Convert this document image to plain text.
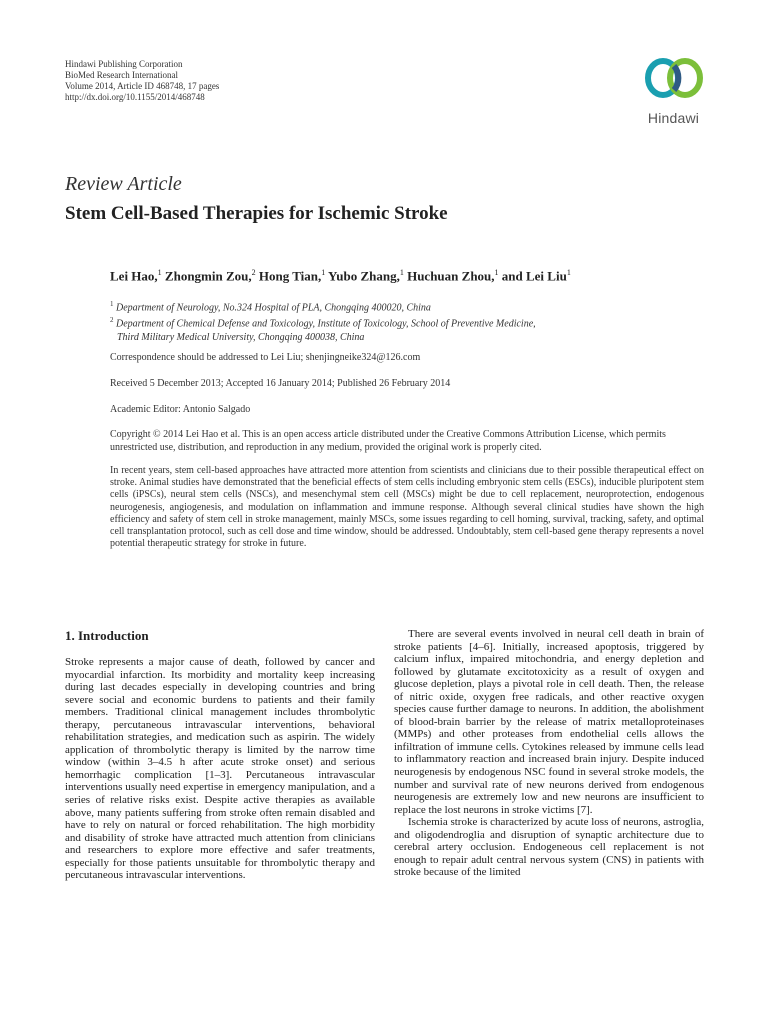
Hindawi Publishing Corporation
BioMed Research International
Volume 2014, Article ID 468748, 17 pages
http://dx.doi.org/10.1155/2014/468748
Hindawi
Review Article
Stem Cell-Based Therapies for Ischemic Stroke
Lei Hao,$^1$ Zhongmin Zou,$^2$ Hong Tian,$^1$ Yubo Zhang,$^1$ Huchuan Zhou,$^1$ and Lei Liu$^1$
$^1$ Department of Neurology, No.324 Hospital of PLA, Chongqing 400020, China
$^2$ Department of Chemical Defense and Toxicology, Institute of Toxicology, School of Preventive Medicine,
Third Military Medical University, Chongqing 400038, China
Correspondence should be addressed to Lei Liu; shenjingneike324@126.com
Received 5 December 2013; Accepted 16 January 2014; Published 26 February 2014
Academic Editor: Antonio Salgado
Copyright © 2014 Lei Hao et al. This is an open access article distributed under the Creative Commons Attribution License, which permits unrestricted use, distribution, and reproduction in any medium, provided the original work is properly cited.
In recent years, stem cell-based approaches have attracted more attention from scientists and clinicians due to their possible therapeutical effect on stroke. Animal studies have demonstrated that the beneficial effects of stem cells including embryonic stem cells (ESCs), inducible pluripotent stem cells (iPSCs), neural stem cells (NSCs), and mesenchymal stem cell (MSCs) might be due to cell replacement, neuroprotection, endogenous neurogenesis, angiogenesis, and modulation on inflammation and immune response. Although several clinical studies have shown the high efficiency and safety of stem cell in stroke management, mainly MSCs, some issues regarding to cell homing, survival, tracking, safety, and optimal cell transplantation protocol, such as cell dose and time window, should be addressed. Undoubtably, stem cell-based gene therapy represents a novel potential therapeutic strategy for stroke in future.
1. Introduction

Stroke represents a major cause of death, followed by cancer and myocardial infarction. Its morbidity and mortality keep increasing during last decades especially in developing countries and bring severe social and economic burdens to patients and their family members. Traditional clinical management includes thrombolytic therapy, percutaneous intravascular interventions, behavioral rehabilitation strategies, and medication such as aspirin. The widely application of thrombolytic therapy is limited by the narrow time window (within 3–4.5 h after acute stroke onset) and serious hemorrhagic complication [1–3]. Percutaneous intravascular interventions usually need expertise in emergency manipulation, and a series of relative risks exist. Despite active therapies as available above, many patients suffering from stroke often remain disabled and have to rely on natural or forced rehabilitation. The high morbidity and disability of stroke have attracted much attention from clinicians and researchers to explore more effective and safer treatments, especially for those patients unsuitable for thrombolytic therapy and percutaneous intravascular interventions.

There are several events involved in neural cell death in brain of stroke patients [4–6]. Initially, increased apoptosis, triggered by calcium influx, impaired mitochondria, and energy depletion and followed by glutamate excitotoxicity as a result of oxygen and glucose depletion, plays a pivotal role in cell death. Then, the release of nitric oxide, oxygen free radicals, and other reactive oxygen species cause further damage to neurons. In addition, the abolishment of blood-brain barrier by the release of matrix metalloproteinases (MMPs) and other proteases from endothelial cells allows the infiltration of immune cells. Cytokines released by immune cells lead to inflammatory reaction and increased brain injury. Despite induced neurogenesis by endogenous NSC found in several stroke models, the number and survival rate of new neurons derived from endogenous neurogenesis are extremely low and new neurons are insufficient to replace the lost neurons in stroke victims [7].

Ischemia stroke is characterized by acute loss of neurons, astroglia, and oligodendroglia and disruption of synaptic architecture due to cerebral artery occlusion. Endogeneous cell replacement is not enough to repair adult central nervous system (CNS) in patients with stroke because of the limited
